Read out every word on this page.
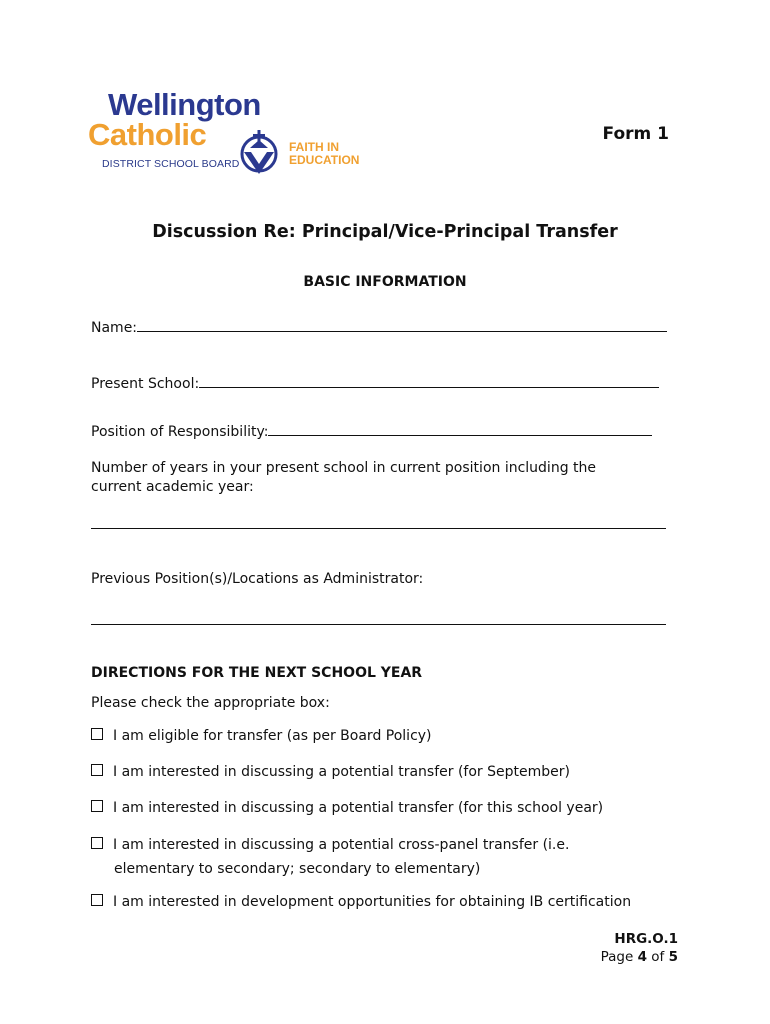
Wellington
Catholic	FAITH IN
EDUCATION
DISTRICT SCHOOL BOARD
Form 1
Discussion Re: Principal/Vice-Principal Transfer
BASIC INFORMATION
Name:
Present School:
Position of Responsibility:
Number of years in your present school in current position including the
current academic year:
Previous Position(s)/Locations as Administrator:
DIRECTIONS FOR THE NEXT SCHOOL YEAR
Please check the appropriate box:
I am eligible for transfer (as per Board Policy)
I am interested in discussing a potential transfer (for September)
I am interested in discussing a potential transfer (for this school year)
I am interested in discussing a potential cross-panel transfer (i.e.
elementary to secondary; secondary to elementary)
I am interested in development opportunities for obtaining IB certification
HRG.O.1
Page 4 of 5
